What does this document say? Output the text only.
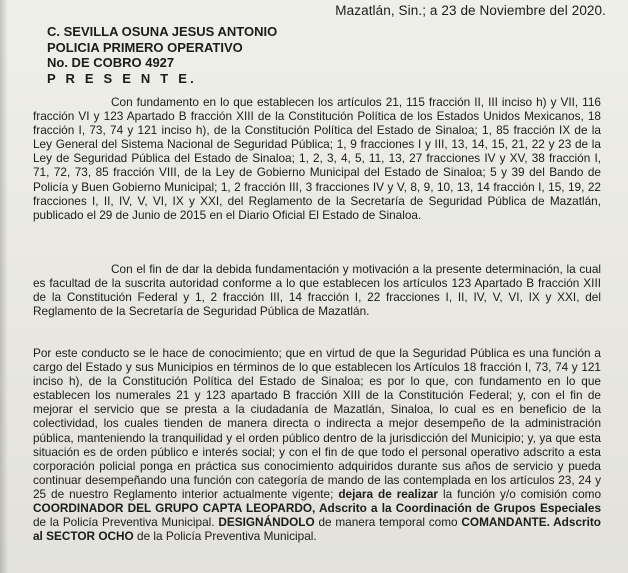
Mazatlán, Sin.; a 23 de Noviembre del 2020.
C. SEVILLA OSUNA JESUS ANTONIO
POLICIA PRIMERO OPERATIVO
No. DE COBRO 4927
P R E S E N T E.
Con fundamento en lo que establecen los artículos 21, 115 fracción II, III inciso h) y VII, 116 fracción VI y 123 Apartado B fracción XIII de la Constitución Política de los Estados Unidos Mexicanos, 18 fracción I, 73, 74 y 121 inciso h), de la Constitución Política del Estado de Sinaloa; 1, 85 fracción IX de la Ley General del Sistema Nacional de Seguridad Pública; 1, 9 fracciones I y III, 13, 14, 15, 21, 22 y 23 de la Ley de Seguridad Pública del Estado de Sinaloa; 1, 2, 3, 4, 5, 11, 13, 27 fracciones IV y XV, 38 fracción I, 71, 72, 73, 85 fracción VIII, de la Ley de Gobierno Municipal del Estado de Sinaloa; 5 y 39 del Bando de Policía y Buen Gobierno Municipal; 1, 2 fracción III, 3 fracciones IV y V, 8, 9, 10, 13, 14 fracción I, 15, 19, 22 fracciones I, II, IV, V, VI, IX y XXI, del Reglamento de la Secretaría de Seguridad Pública de Mazatlán, publicado el 29 de Junio de 2015 en el Diario Oficial El Estado de Sinaloa.
Con el fin de dar la debida fundamentación y motivación a la presente determinación, la cual es facultad de la suscrita autoridad conforme a lo que establecen los artículos 123 Apartado B fracción XIII de la Constitución Federal y 1, 2 fracción III, 14 fracción I, 22 fracciones I, II, IV, V, VI, IX y XXI, del Reglamento de la Secretaría de Seguridad Pública de Mazatlán.
Por este conducto se le hace de conocimiento; que en virtud de que la Seguridad Pública es una función a cargo del Estado y sus Municipios en términos de lo que establecen los Artículos 18 fracción I, 73, 74 y 121 inciso h), de la Constitución Política del Estado de Sinaloa; es por lo que, con fundamento en lo que establecen los numerales 21 y 123 apartado B fracción XIII de la Constitución Federal; y, con el fin de mejorar el servicio que se presta a la ciudadanía de Mazatlán, Sinaloa, lo cual es en beneficio de la colectividad, los cuales tienden de manera directa o indirecta a mejor desempeño de la administración pública, manteniendo la tranquilidad y el orden público dentro de la jurisdicción del Municipio; y, ya que esta situación es de orden público e interés social; y con el fin de que todo el personal operativo adscrito a esta corporación policial ponga en práctica sus conocimiento adquiridos durante sus años de servicio y pueda continuar desempeñando una función con categoría de mando de las contemplada en los artículos 23, 24 y 25 de nuestro Reglamento interior actualmente vigente; dejara de realizar la función y/o comisión como COORDINADOR DEL GRUPO CAPTA LEOPARDO, Adscrito a la Coordinación de Grupos Especiales de la Policía Preventiva Municipal. DESIGNÁNDOLO de manera temporal como COMANDANTE. Adscrito al SECTOR OCHO de la Policía Preventiva Municipal.
